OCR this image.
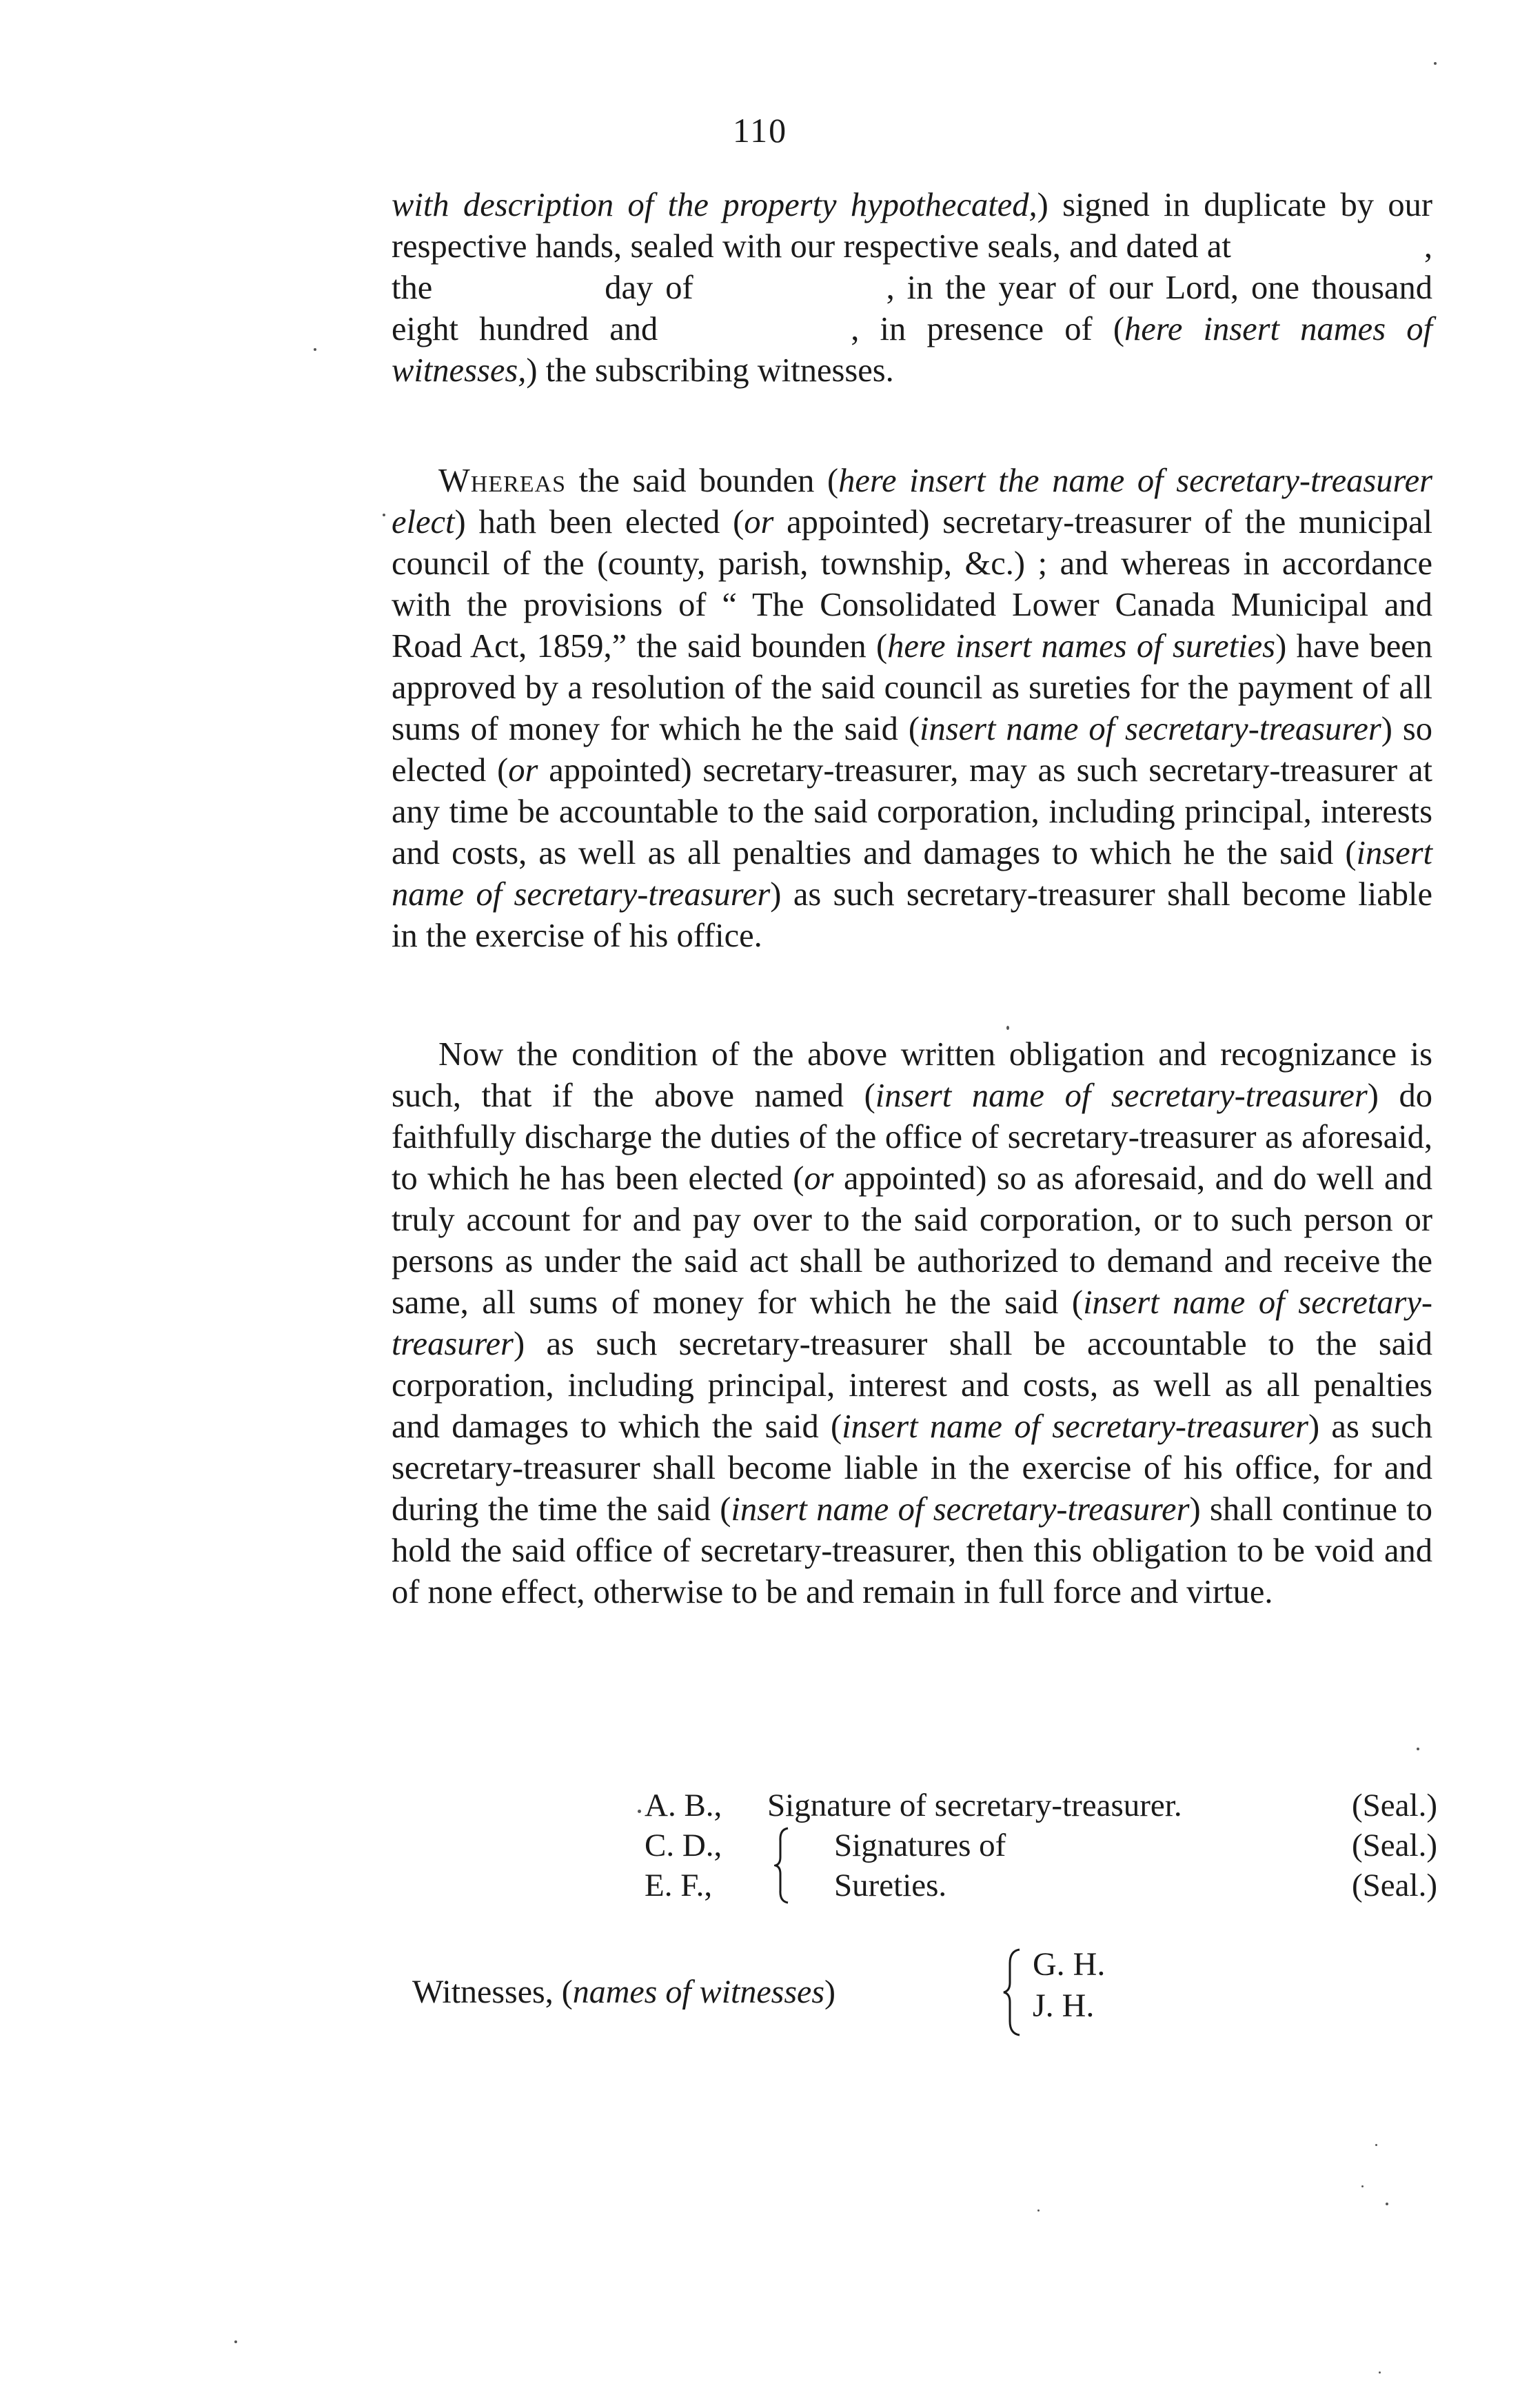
110
with description of the property hypothecated,) signed in duplicate by our respective hands, sealed with our respective seals, and dated at	, the	day of	, in the year of our Lord, one thousand eight hundred and	, in presence of (here insert names of witnesses,) the subscribing witnesses.
Whereas the said bounden (here insert the name of secretary-treasurer elect) hath been elected (or appointed) secretary-treasurer of the municipal council of the (county, parish, township, &c.) ; and whereas in accordance with the provisions of “ The Consolidated Lower Canada Municipal and Road Act, 1859,” the said bounden (here insert names of sureties) have been approved by a resolution of the said council as sureties for the payment of all sums of money for which he the said (insert name of secretary-treasurer) so elected (or appointed) secretary-treasurer, may as such secretary-treasurer at any time be accountable to the said corporation, including principal, interests and costs, as well as all penalties and damages to which he the said (insert name of secretary-treasurer) as such secretary-treasurer shall become liable in the exercise of his office.
Now the condition of the above written obligation and recognizance is such, that if the above named (insert name of secretary-treasurer) do faithfully discharge the duties of the office of secretary-treasurer as aforesaid, to which he has been elected (or appointed) so as aforesaid, and do well and truly account for and pay over to the said corporation, or to such person or persons as under the said act shall be authorized to demand and receive the same, all sums of money for which he the said (insert name of secretary-treasurer) as such secretary-treasurer shall be accountable to the said corporation, including principal, interest and costs, as well as all penalties and damages to which the said (insert name of secretary-treasurer) as such secretary-treasurer shall become liable in the exercise of his office, for and during the time the said (insert name of secretary-treasurer) shall continue to hold the said office of secretary-treasurer, then this obligation to be void and of none effect, otherwise to be and remain in full force and virtue.
A. B.,	Signature of secretary-treasurer.	(Seal.)
C. D.,	Signatures of	(Seal.)
E. F.,	Sureties.	(Seal.)
Witnesses, (names of witnesses)
G. H.
J. H.
